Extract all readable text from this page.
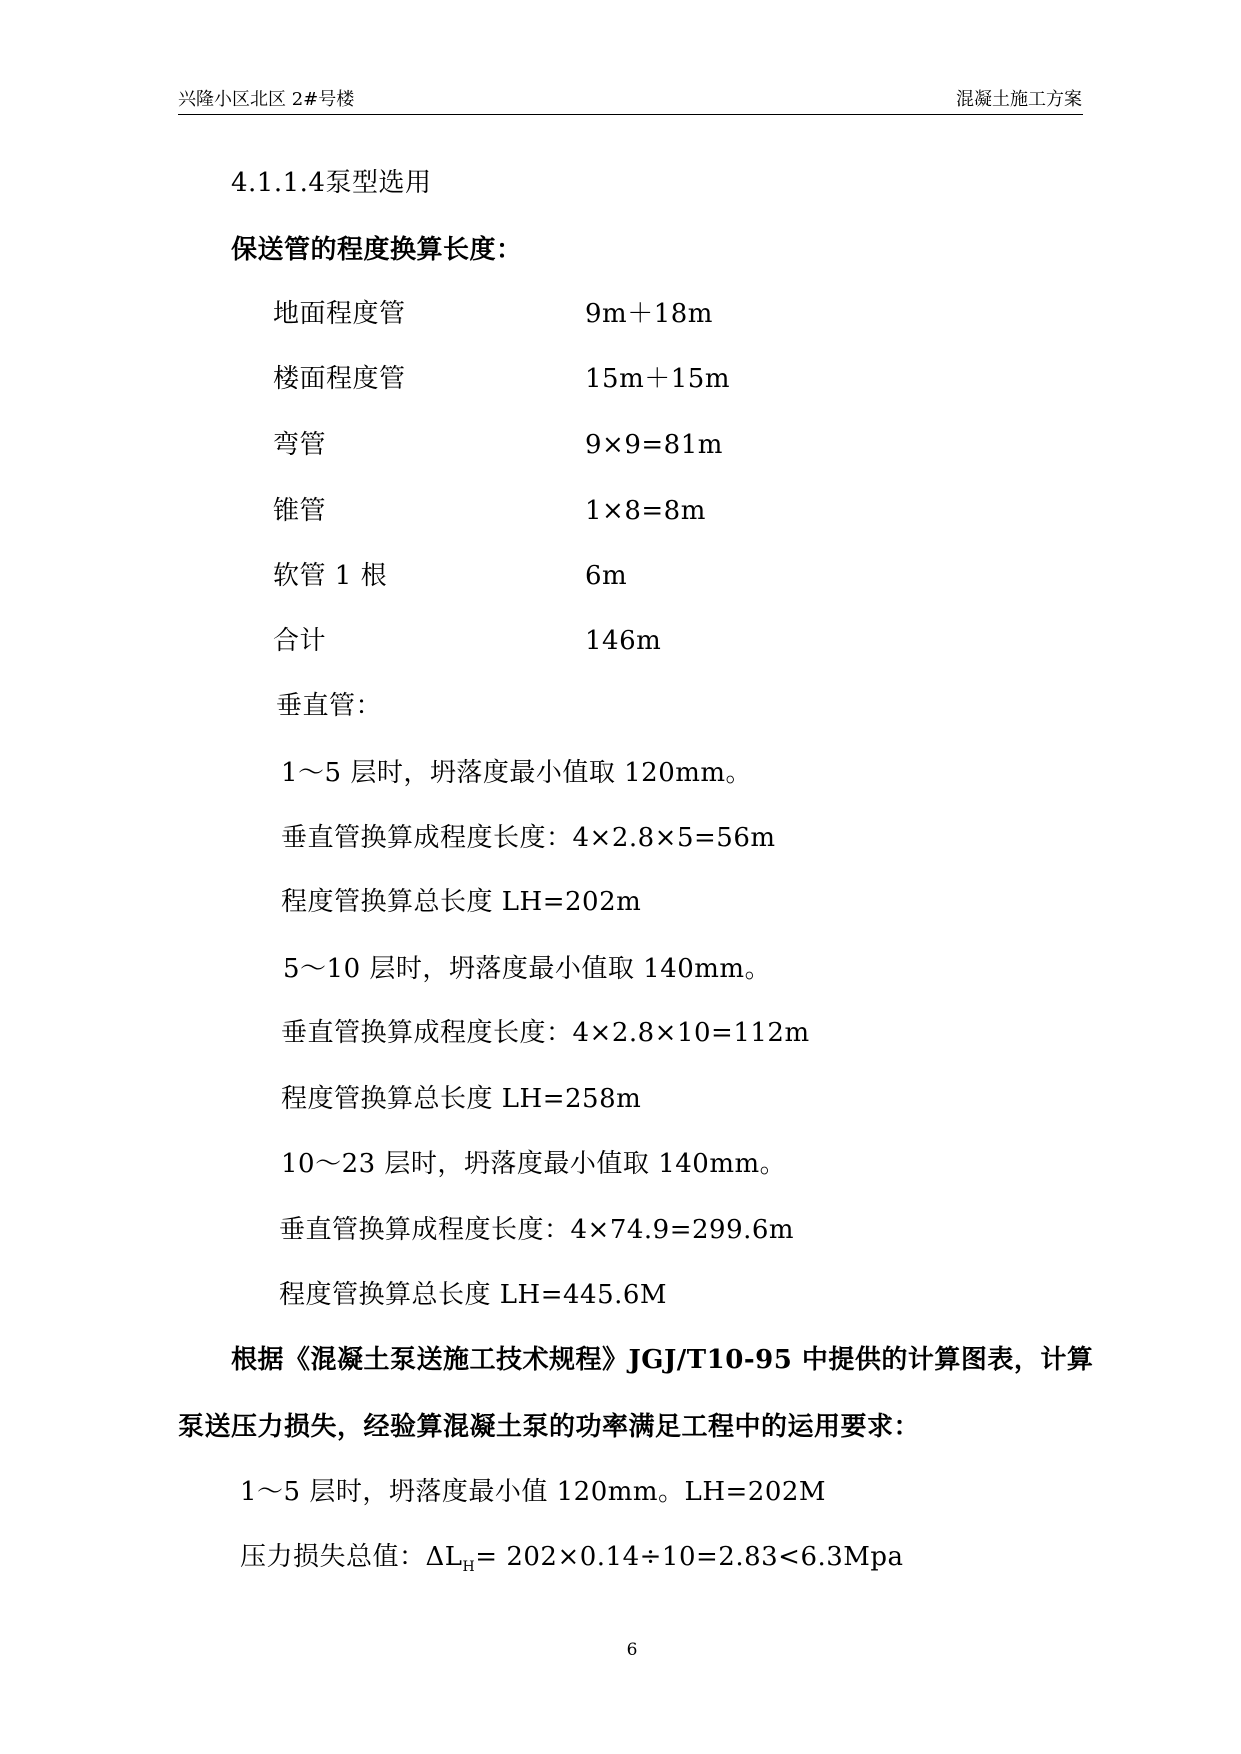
兴隆小区北区 2#号楼	混凝土施工方案
4.1.1.4泵型选用
保送管的程度换算长度：
地面程度管	9m＋18m
楼面程度管	15m＋15m
弯管	9×9=81m
锥管	1×8=8m
软管 1 根	6m
合计	146m
垂直管：
1～5 层时，坍落度最小值取 120mm。
垂直管换算成程度长度：4×2.8×5=56m
程度管换算总长度 LH=202m
5～10 层时，坍落度最小值取 140mm。
垂直管换算成程度长度：4×2.8×10=112m
程度管换算总长度 LH=258m
10～23 层时，坍落度最小值取 140mm。
垂直管换算成程度长度：4×74.9=299.6m
程度管换算总长度 LH=445.6M
根据《混凝土泵送施工技术规程》JGJ/T10-95 中提供的计算图表，计算
泵送压力损失，经验算混凝土泵的功率满足工程中的运用要求：
1～5 层时，坍落度最小值 120mm。LH=202M
压力损失总值：$\Delta L_H= 202\times 0.14\div 10=2.83<6.3Mpa$
6
